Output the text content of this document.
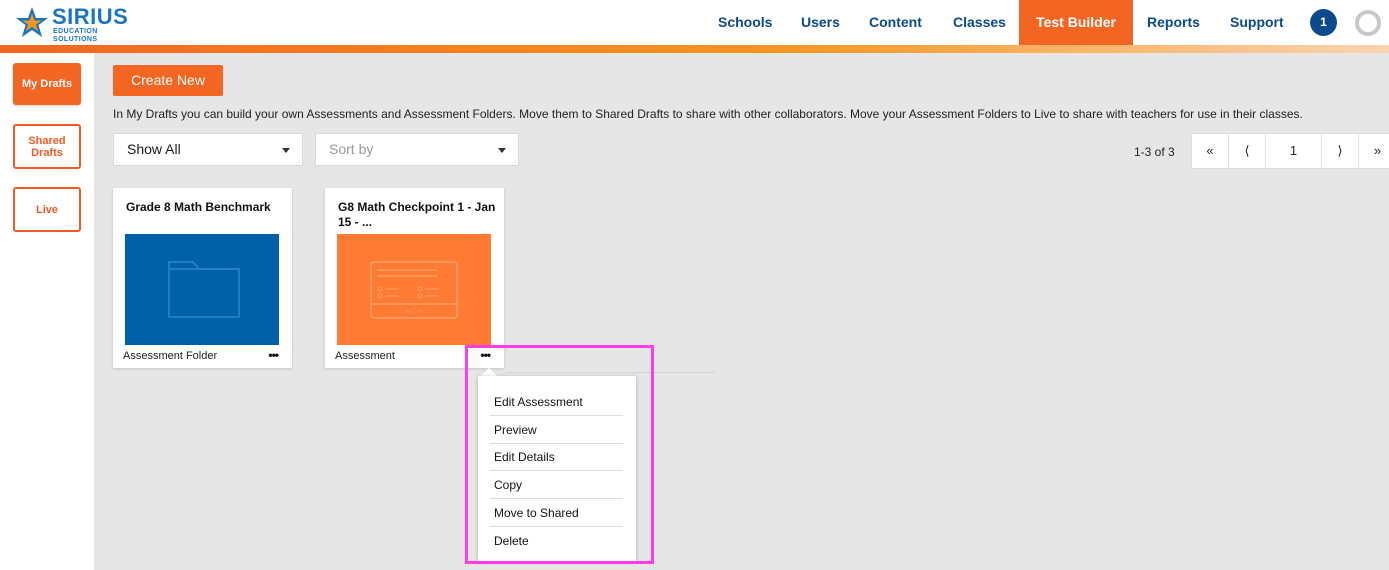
SIRIUS
EDUCATION SOLUTIONS
Schools Users Content Classes	Test Builder	Reports Support	1
My Drafts
Shared Drafts
Live
Create New
In My Drafts you can build your own Assessments and Assessment Folders. Move them to Shared Drafts to share with other collaborators. Move your Assessment Folders to Live to share with teachers for use in their classes.
Show All	Sort by	1-3 of 3	«	⟨	1	⟩	»
Grade 8 Math Benchmark
Assessment Folder	•••
G8 Math Checkpoint 1 - Jan 15 - ...
<○>
Assessment	•••
Edit Assessment
Preview
Edit Details
Copy
Move to Shared
Delete
